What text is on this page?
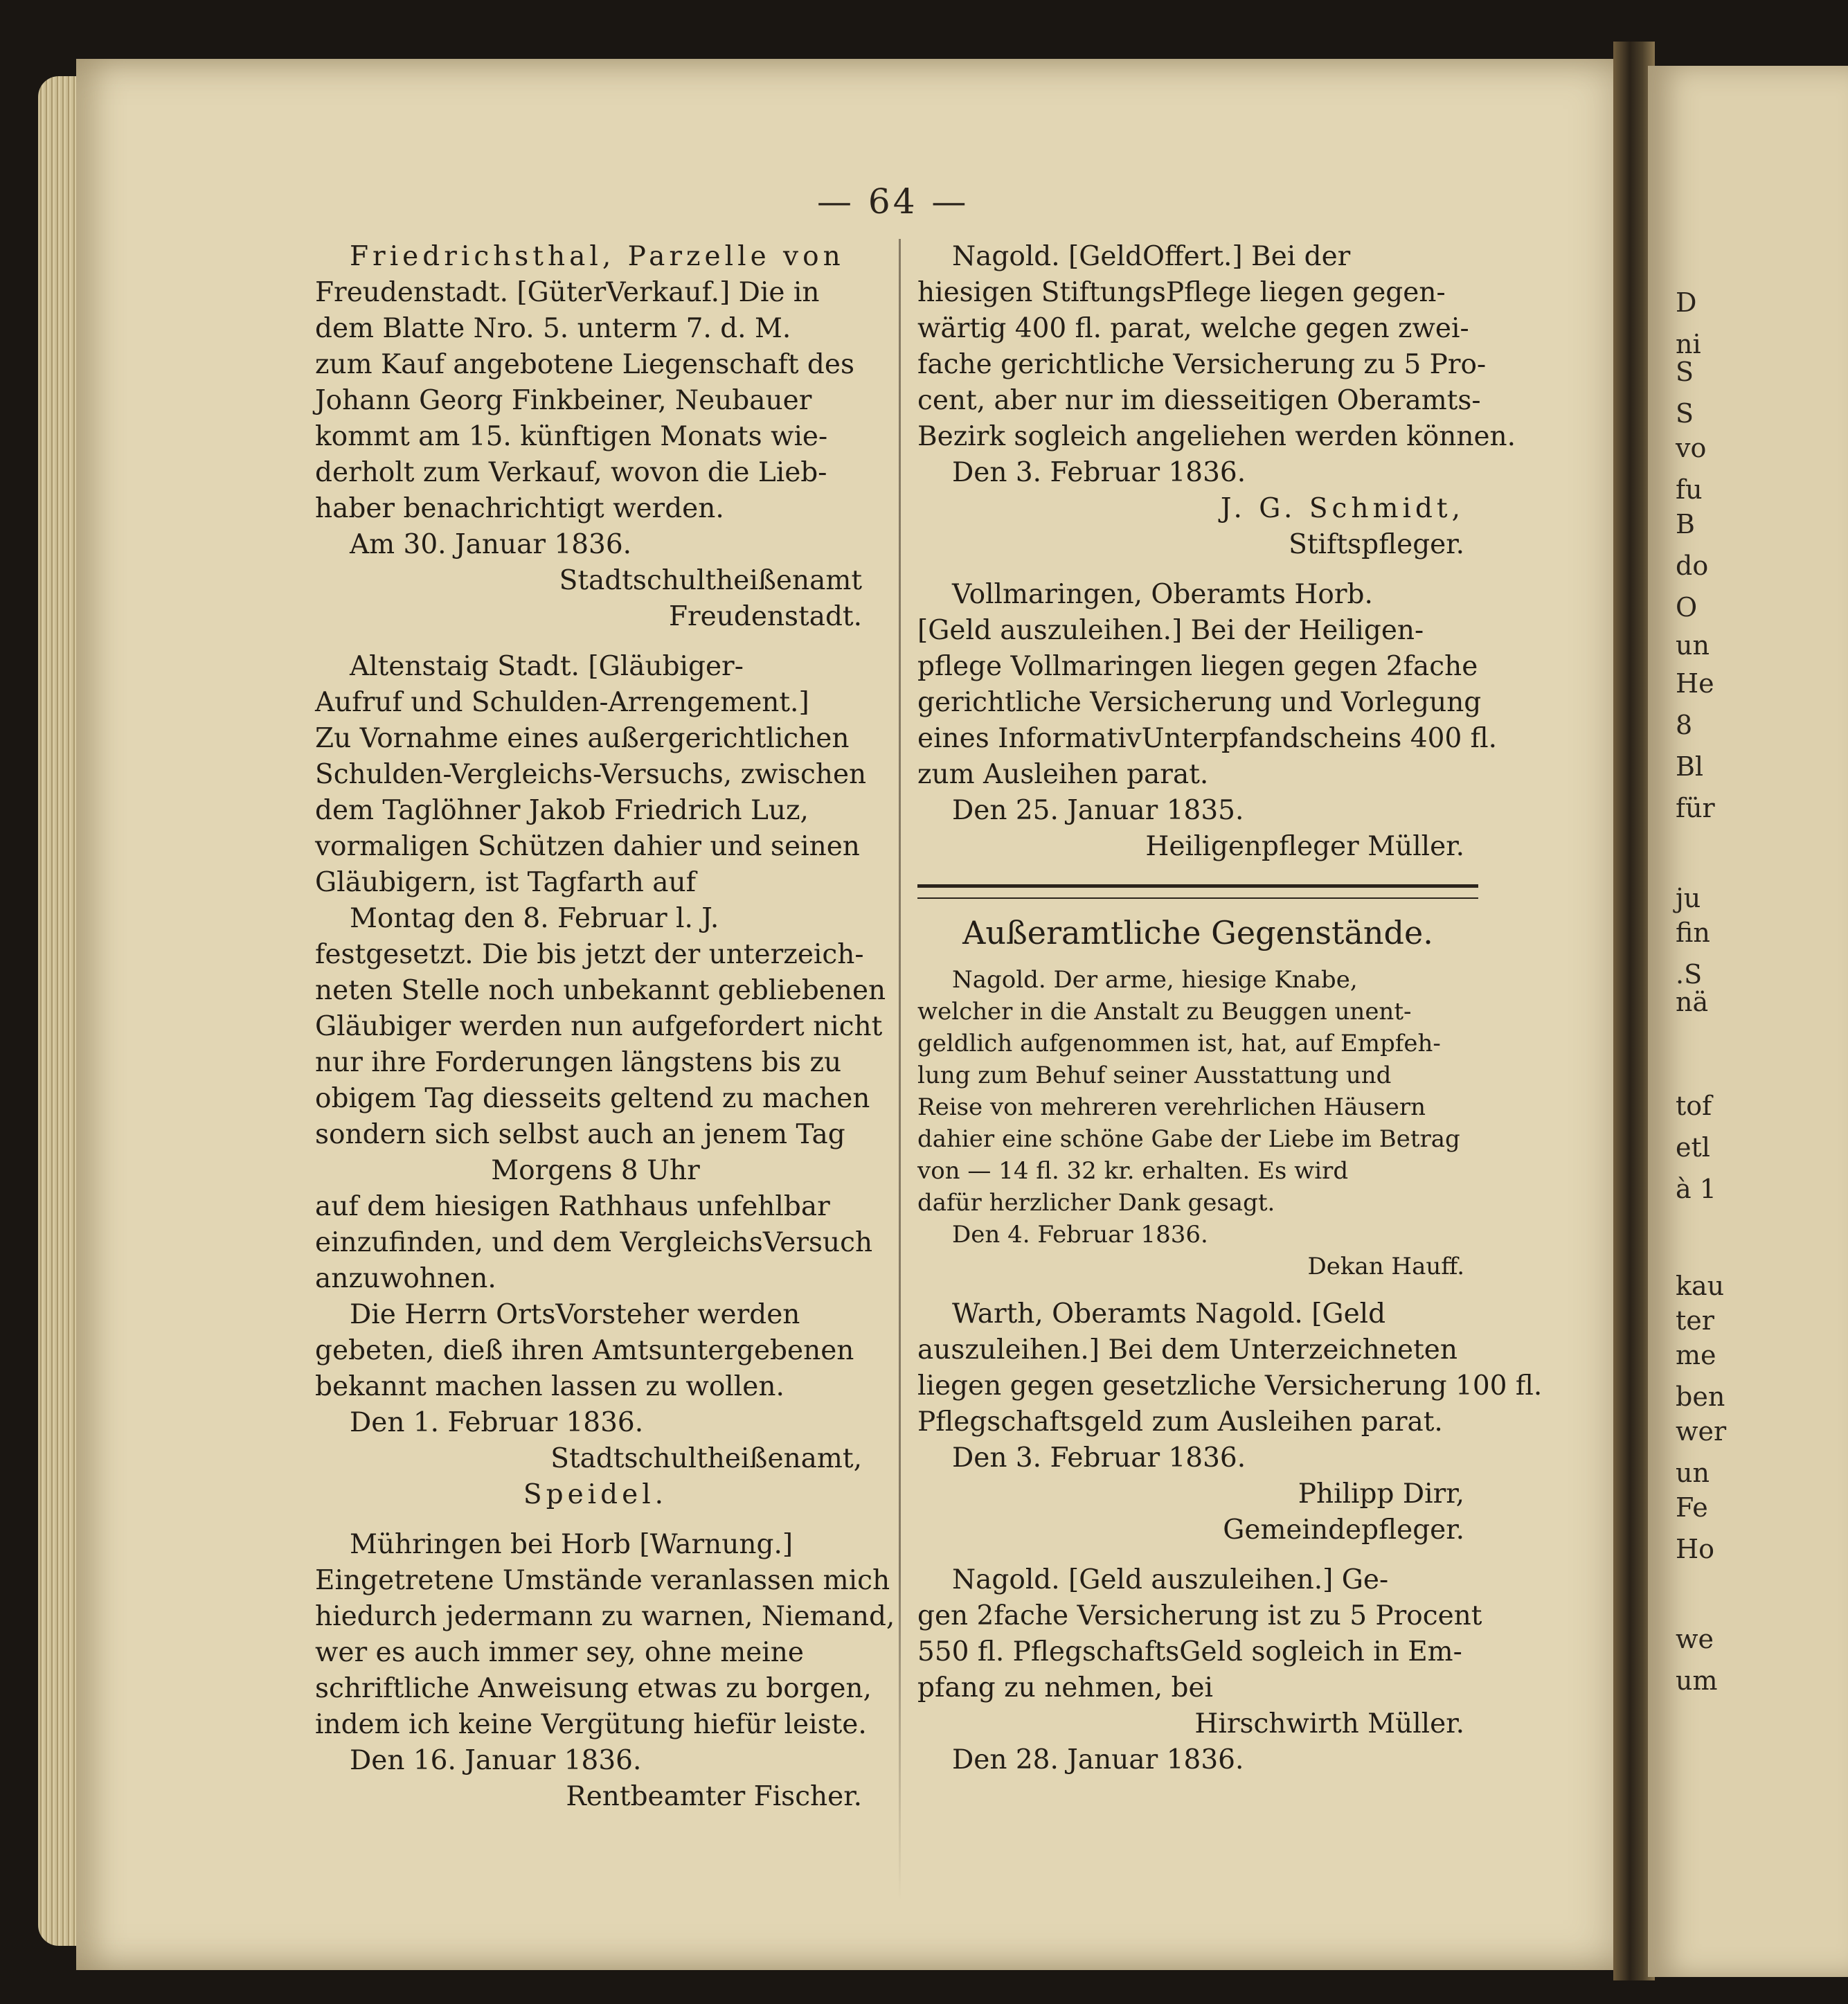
D
ni
S
S
vo
fu
B
do
O
un
He
8
Bl
für
ju
fin
.S
nä
tof
etl
à 1
kau
ter
me
ben
wer
un
Fe
Ho
we
um
— 64 —
Friedrichsthal, Parzelle von
Freudenstadt. [GüterVerkauf.] Die in
dem Blatte Nro. 5. unterm 7. d. M.
zum Kauf angebotene Liegenschaft des
Johann Georg Finkbeiner, Neubauer
kommt am 15. künftigen Monats wie-
derholt zum Verkauf, wovon die Lieb-
haber benachrichtigt werden.
Am 30. Januar 1836.
Stadtschultheißenamt
Freudenstadt.
Altenstaig Stadt. [Gläubiger-
Aufruf und Schulden-Arrengement.]
Zu Vornahme eines außergerichtlichen
Schulden-Vergleichs-Versuchs, zwischen
dem Taglöhner Jakob Friedrich Luz,
vormaligen Schützen dahier und seinen
Gläubigern, ist Tagfarth auf
Montag den 8. Februar l. J.
festgesetzt. Die bis jetzt der unterzeich-
neten Stelle noch unbekannt gebliebenen
Gläubiger werden nun aufgefordert nicht
nur ihre Forderungen längstens bis zu
obigem Tag diesseits geltend zu machen
sondern sich selbst auch an jenem Tag
Morgens 8 Uhr
auf dem hiesigen Rathhaus unfehlbar
einzufinden, und dem VergleichsVersuch
anzuwohnen.
Die Herrn OrtsVorsteher werden
gebeten, dieß ihren Amtsuntergebenen
bekannt machen lassen zu wollen.
Den 1. Februar 1836.
Stadtschultheißenamt,
Speidel.
Mühringen bei Horb [Warnung.]
Eingetretene Umstände veranlassen mich
hiedurch jedermann zu warnen, Niemand,
wer es auch immer sey, ohne meine
schriftliche Anweisung etwas zu borgen,
indem ich keine Vergütung hiefür leiste.
Den 16. Januar 1836.
Rentbeamter Fischer.
Nagold. [GeldOffert.] Bei der
hiesigen StiftungsPflege liegen gegen-
wärtig 400 fl. parat, welche gegen zwei-
fache gerichtliche Versicherung zu 5 Pro-
cent, aber nur im diesseitigen Oberamts-
Bezirk sogleich angeliehen werden können.
Den 3. Februar 1836.
J. G. Schmidt,
Stiftspfleger.
Vollmaringen, Oberamts Horb.
[Geld auszuleihen.] Bei der Heiligen-
pflege Vollmaringen liegen gegen 2fache
gerichtliche Versicherung und Vorlegung
eines InformativUnterpfandscheins 400 fl.
zum Ausleihen parat.
Den 25. Januar 1835.
Heiligenpfleger Müller.
Außeramtliche Gegenstände.
Nagold. Der arme, hiesige Knabe,
welcher in die Anstalt zu Beuggen unent-
geldlich aufgenommen ist, hat, auf Empfeh-
lung zum Behuf seiner Ausstattung und
Reise von mehreren verehrlichen Häusern
dahier eine schöne Gabe der Liebe im Betrag
von — 14 fl. 32 kr. erhalten. Es wird
dafür herzlicher Dank gesagt.
Den 4. Februar 1836.
Dekan Hauff.
Warth, Oberamts Nagold. [Geld
auszuleihen.] Bei dem Unterzeichneten
liegen gegen gesetzliche Versicherung 100 fl.
Pflegschaftsgeld zum Ausleihen parat.
Den 3. Februar 1836.
Philipp Dirr,
Gemeindepfleger.
Nagold. [Geld auszuleihen.] Ge-
gen 2fache Versicherung ist zu 5 Procent
550 fl. PflegschaftsGeld sogleich in Em-
pfang zu nehmen, bei
Hirschwirth Müller.
Den 28. Januar 1836.
